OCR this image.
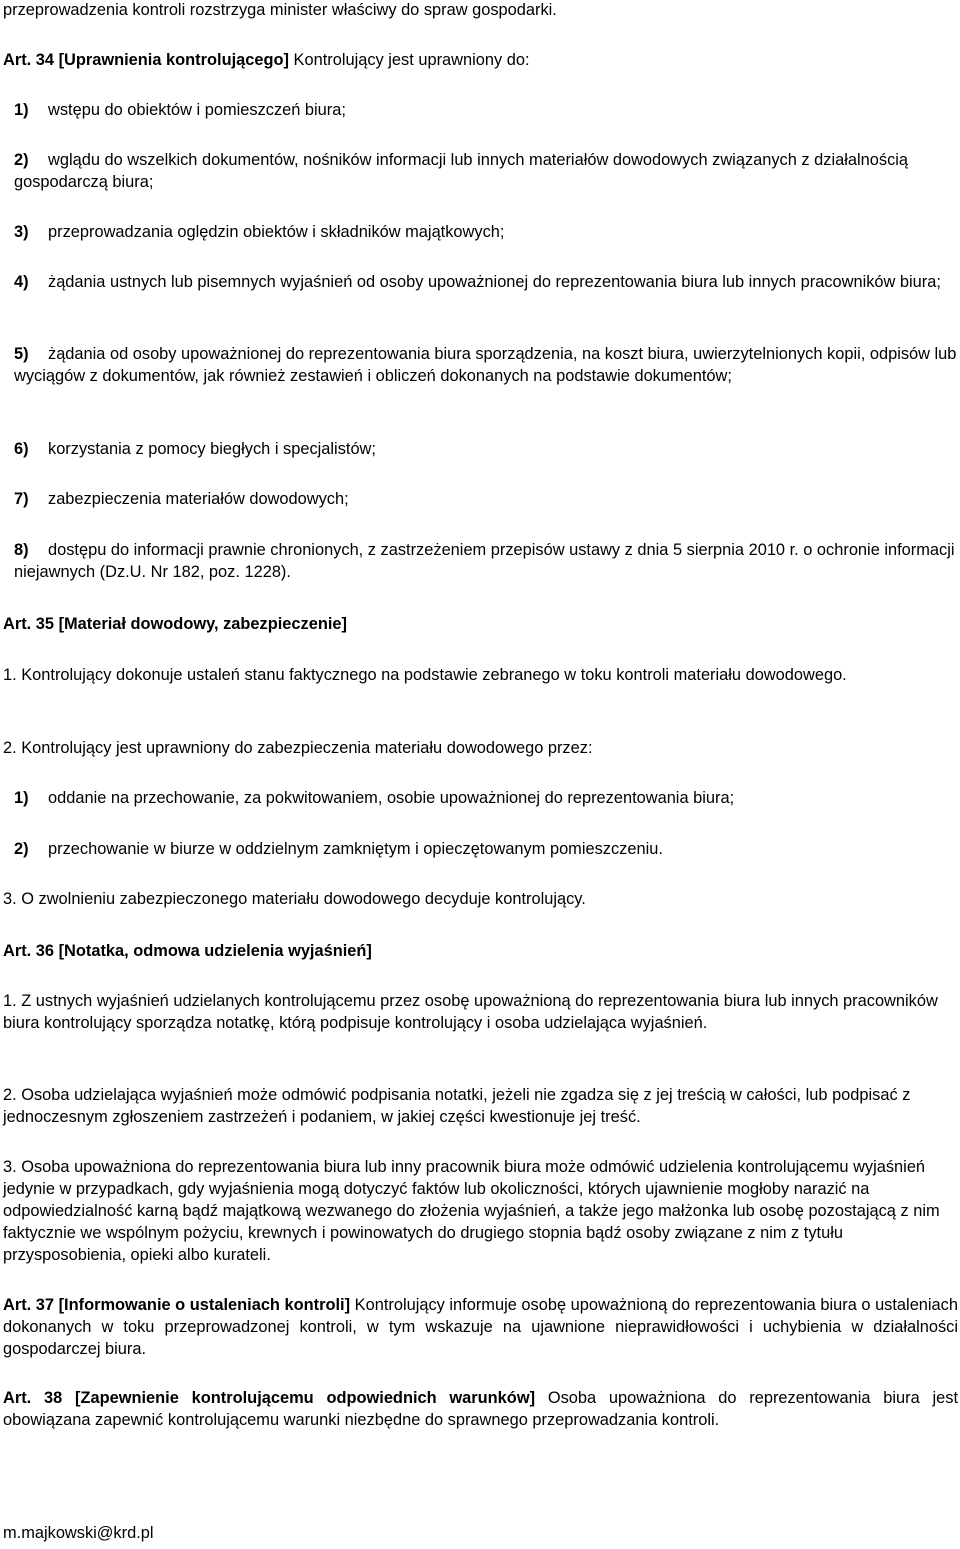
przeprowadzenia kontroli rozstrzyga minister właściwy do spraw gospodarki.

Art. 34 [Uprawnienia kontrolującego] Kontrolujący jest uprawniony do:

1) wstępu do obiektów i pomieszczeń biura;

2) wglądu do wszelkich dokumentów, nośników informacji lub innych materiałów dowodowych związanych z działalnością gospodarczą biura;

3) przeprowadzania oględzin obiektów i składników majątkowych;

4) żądania ustnych lub pisemnych wyjaśnień od osoby upoważnionej do reprezentowania biura lub innych pracowników biura;

5) żądania od osoby upoważnionej do reprezentowania biura sporządzenia, na koszt biura, uwierzytelnionych kopii, odpisów lub wyciągów z dokumentów, jak również zestawień i obliczeń dokonanych na podstawie dokumentów;

6) korzystania z pomocy biegłych i specjalistów;

7) zabezpieczenia materiałów dowodowych;

8) dostępu do informacji prawnie chronionych, z zastrzeżeniem przepisów ustawy z dnia 5 sierpnia 2010 r. o ochronie informacji niejawnych (Dz.U. Nr 182, poz. 1228).

Art. 35 [Materiał dowodowy, zabezpieczenie]

1. Kontrolujący dokonuje ustaleń stanu faktycznego na podstawie zebranego w toku kontroli materiału dowodowego.

2. Kontrolujący jest uprawniony do zabezpieczenia materiału dowodowego przez:

1) oddanie na przechowanie, za pokwitowaniem, osobie upoważnionej do reprezentowania biura;

2) przechowanie w biurze w oddzielnym zamkniętym i opieczętowanym pomieszczeniu.

3. O zwolnieniu zabezpieczonego materiału dowodowego decyduje kontrolujący.

Art. 36 [Notatka, odmowa udzielenia wyjaśnień]

1. Z ustnych wyjaśnień udzielanych kontrolującemu przez osobę upoważnioną do reprezentowania biura lub innych pracowników biura kontrolujący sporządza notatkę, którą podpisuje kontrolujący i osoba udzielająca wyjaśnień.

2. Osoba udzielająca wyjaśnień może odmówić podpisania notatki, jeżeli nie zgadza się z jej treścią w całości, lub podpisać z jednoczesnym zgłoszeniem zastrzeżeń i podaniem, w jakiej części kwestionuje jej treść.

3. Osoba upoważniona do reprezentowania biura lub inny pracownik biura może odmówić udzielenia kontrolującemu wyjaśnień jedynie w przypadkach, gdy wyjaśnienia mogą dotyczyć faktów lub okoliczności, których ujawnienie mogłoby narazić na odpowiedzialność karną bądź majątkową wezwanego do złożenia wyjaśnień, a także jego małżonka lub osobę pozostającą z nim faktycznie we wspólnym pożyciu, krewnych i powinowatych do drugiego stopnia bądź osoby związane z nim z tytułu przysposobienia, opieki albo kurateli.

Art. 37 [Informowanie o ustaleniach kontroli] Kontrolujący informuje osobę upoważnioną do reprezentowania biura o ustaleniach dokonanych w toku przeprowadzonej kontroli, w tym wskazuje na ujawnione nieprawidłowości i uchybienia w działalności gospodarczej biura.

Art. 38 [Zapewnienie kontrolującemu odpowiednich warunków] Osoba upoważniona do reprezentowania biura jest obowiązana zapewnić kontrolującemu warunki niezbędne do sprawnego przeprowadzania kontroli.

m.majkowski@krd.pl
